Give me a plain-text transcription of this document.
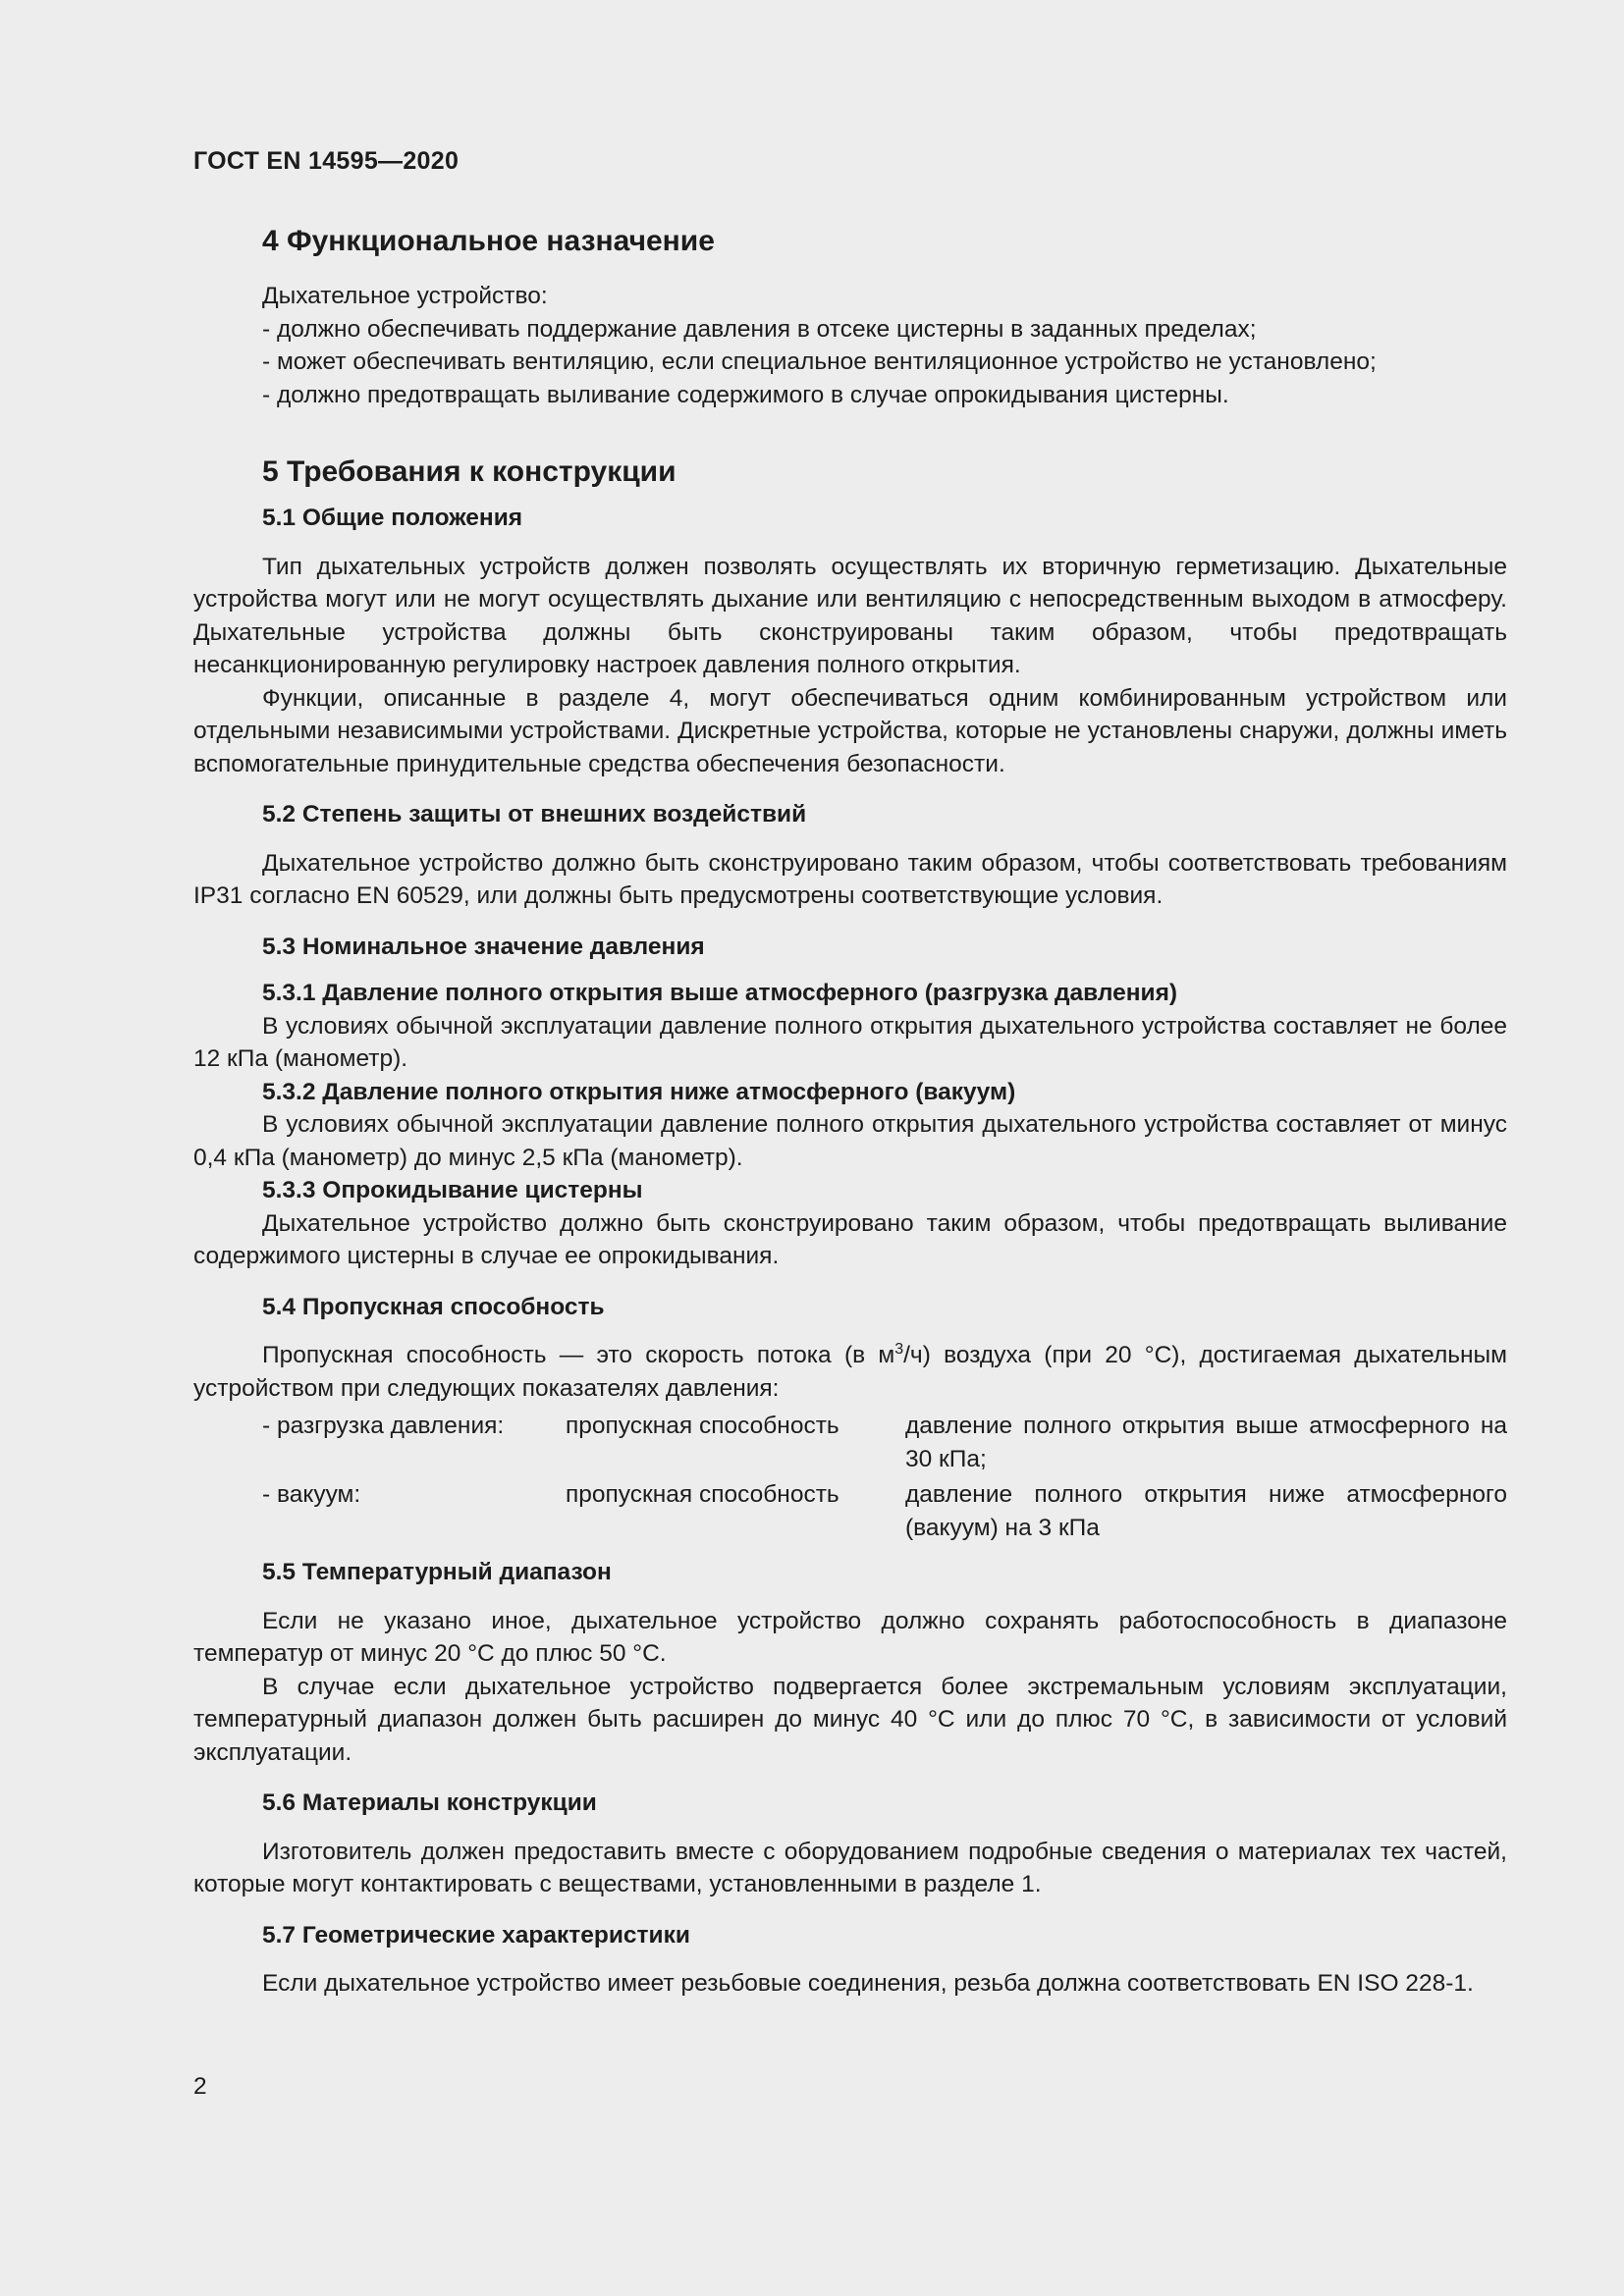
ГОСТ EN 14595—2020
4 Функциональное назначение
Дыхательное устройство:
- должно обеспечивать поддержание давления в отсеке цистерны в заданных пределах;
- может обеспечивать вентиляцию, если специальное вентиляционное устройство не установлено;
- должно предотвращать выливание содержимого в случае опрокидывания цистерны.
5 Требования к конструкции
5.1 Общие положения

Тип дыхательных устройств должен позволять осуществлять их вторичную герметизацию. Дыхательные устройства могут или не могут осуществлять дыхание или вентиляцию с непосредственным выходом в атмосферу. Дыхательные устройства должны быть сконструированы таким образом, чтобы предотвращать несанкционированную регулировку настроек давления полного открытия.

Функции, описанные в разделе 4, могут обеспечиваться одним комбинированным устройством или отдельными независимыми устройствами. Дискретные устройства, которые не установлены снаружи, должны иметь вспомогательные принудительные средства обеспечения безопасности.

5.2 Степень защиты от внешних воздействий

Дыхательное устройство должно быть сконструировано таким образом, чтобы соответствовать требованиям IP31 согласно EN 60529, или должны быть предусмотрены соответствующие условия.

5.3 Номинальное значение давления
5.3.1 Давление полного открытия выше атмосферного (разгрузка давления)

В условиях обычной эксплуатации давление полного открытия дыхательного устройства составляет не более 12 кПа (манометр).

5.3.2 Давление полного открытия ниже атмосферного (вакуум)

В условиях обычной эксплуатации давление полного открытия дыхательного устройства составляет от минус 0,4 кПа (манометр) до минус 2,5 кПа (манометр).

5.3.3 Опрокидывание цистерны

Дыхательное устройство должно быть сконструировано таким образом, чтобы предотвращать выливание содержимого цистерны в случае ее опрокидывания.

5.4 Пропускная способность

Пропускная способность — это скорость потока (в $м^3/ч$) воздуха (при 20 °С), достигаемая дыхательным устройством при следующих показателях давления:

- разгрузка давления:	пропускная способность	давление полного открытия выше атмосферного на 30 кПа;
- вакуум:	пропускная способность	давление полного открытия ниже атмосферного (вакуум) на 3 кПа
5.5 Температурный диапазон

Если не указано иное, дыхательное устройство должно сохранять работоспособность в диапазоне температур от минус 20 °С до плюс 50 °С.

В случае если дыхательное устройство подвергается более экстремальным условиям эксплуатации, температурный диапазон должен быть расширен до минус 40 °С или до плюс 70 °С, в зависимости от условий эксплуатации.

5.6 Материалы конструкции

Изготовитель должен предоставить вместе с оборудованием подробные сведения о материалах тех частей, которые могут контактировать с веществами, установленными в разделе 1.

5.7 Геометрические характеристики

Если дыхательное устройство имеет резьбовые соединения, резьба должна соответствовать EN ISO 228-1.

2
